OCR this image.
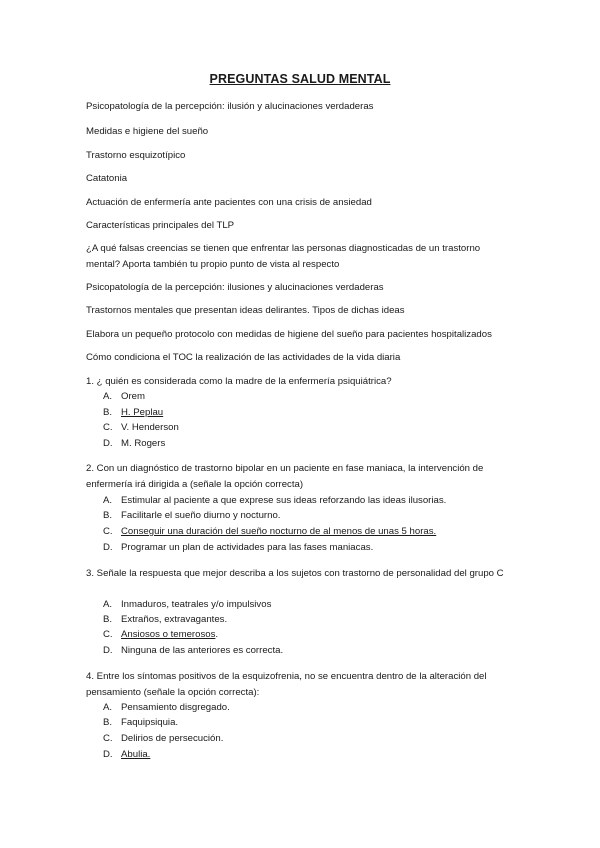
PREGUNTAS SALUD MENTAL
Psicopatología de la percepción: ilusión y alucinaciones verdaderas
Medidas e higiene del sueño
Trastorno esquizotípico
Catatonia
Actuación de enfermería ante pacientes con una crisis de ansiedad
Características principales del TLP
¿A qué falsas creencias se tienen que enfrentar las personas diagnosticadas de un trastorno mental? Aporta también tu propio punto de vista al respecto
Psicopatología de la percepción: ilusiones y alucinaciones verdaderas
Trastornos mentales que presentan ideas delirantes. Tipos de dichas ideas
Elabora un pequeño protocolo con medidas de higiene del sueño para pacientes hospitalizados
Cómo condiciona el TOC la realización de las actividades de la vida diaria
1. ¿ quién es considerada como la madre de la enfermería psiquiátrica?
A. Orem
B. H. Peplau
C. V. Henderson
D. M. Rogers
2. Con un diagnóstico de trastorno bipolar en un paciente en fase maniaca, la intervención de enfermería irá dirigida a (señale la opción correcta)
A. Estimular al paciente a que exprese sus ideas reforzando las ideas ilusorias.
B. Facilitarle el sueño diurno y nocturno.
C. Conseguir una duración del sueño nocturno de al menos de unas 5 horas.
D. Programar un plan de actividades para las fases maniacas.
3. Señale la respuesta que mejor describa a los sujetos con trastorno de personalidad del grupo C
A. Inmaduros, teatrales y/o impulsivos
B. Extraños, extravagantes.
C. Ansiosos o temerosos.
D. Ninguna de las anteriores es correcta.
4. Entre los síntomas positivos de la esquizofrenia, no se encuentra dentro de la alteración del pensamiento (señale la opción correcta):
A. Pensamiento disgregado.
B. Faquipsiquia.
C. Delirios de persecución.
D. Abulia.
